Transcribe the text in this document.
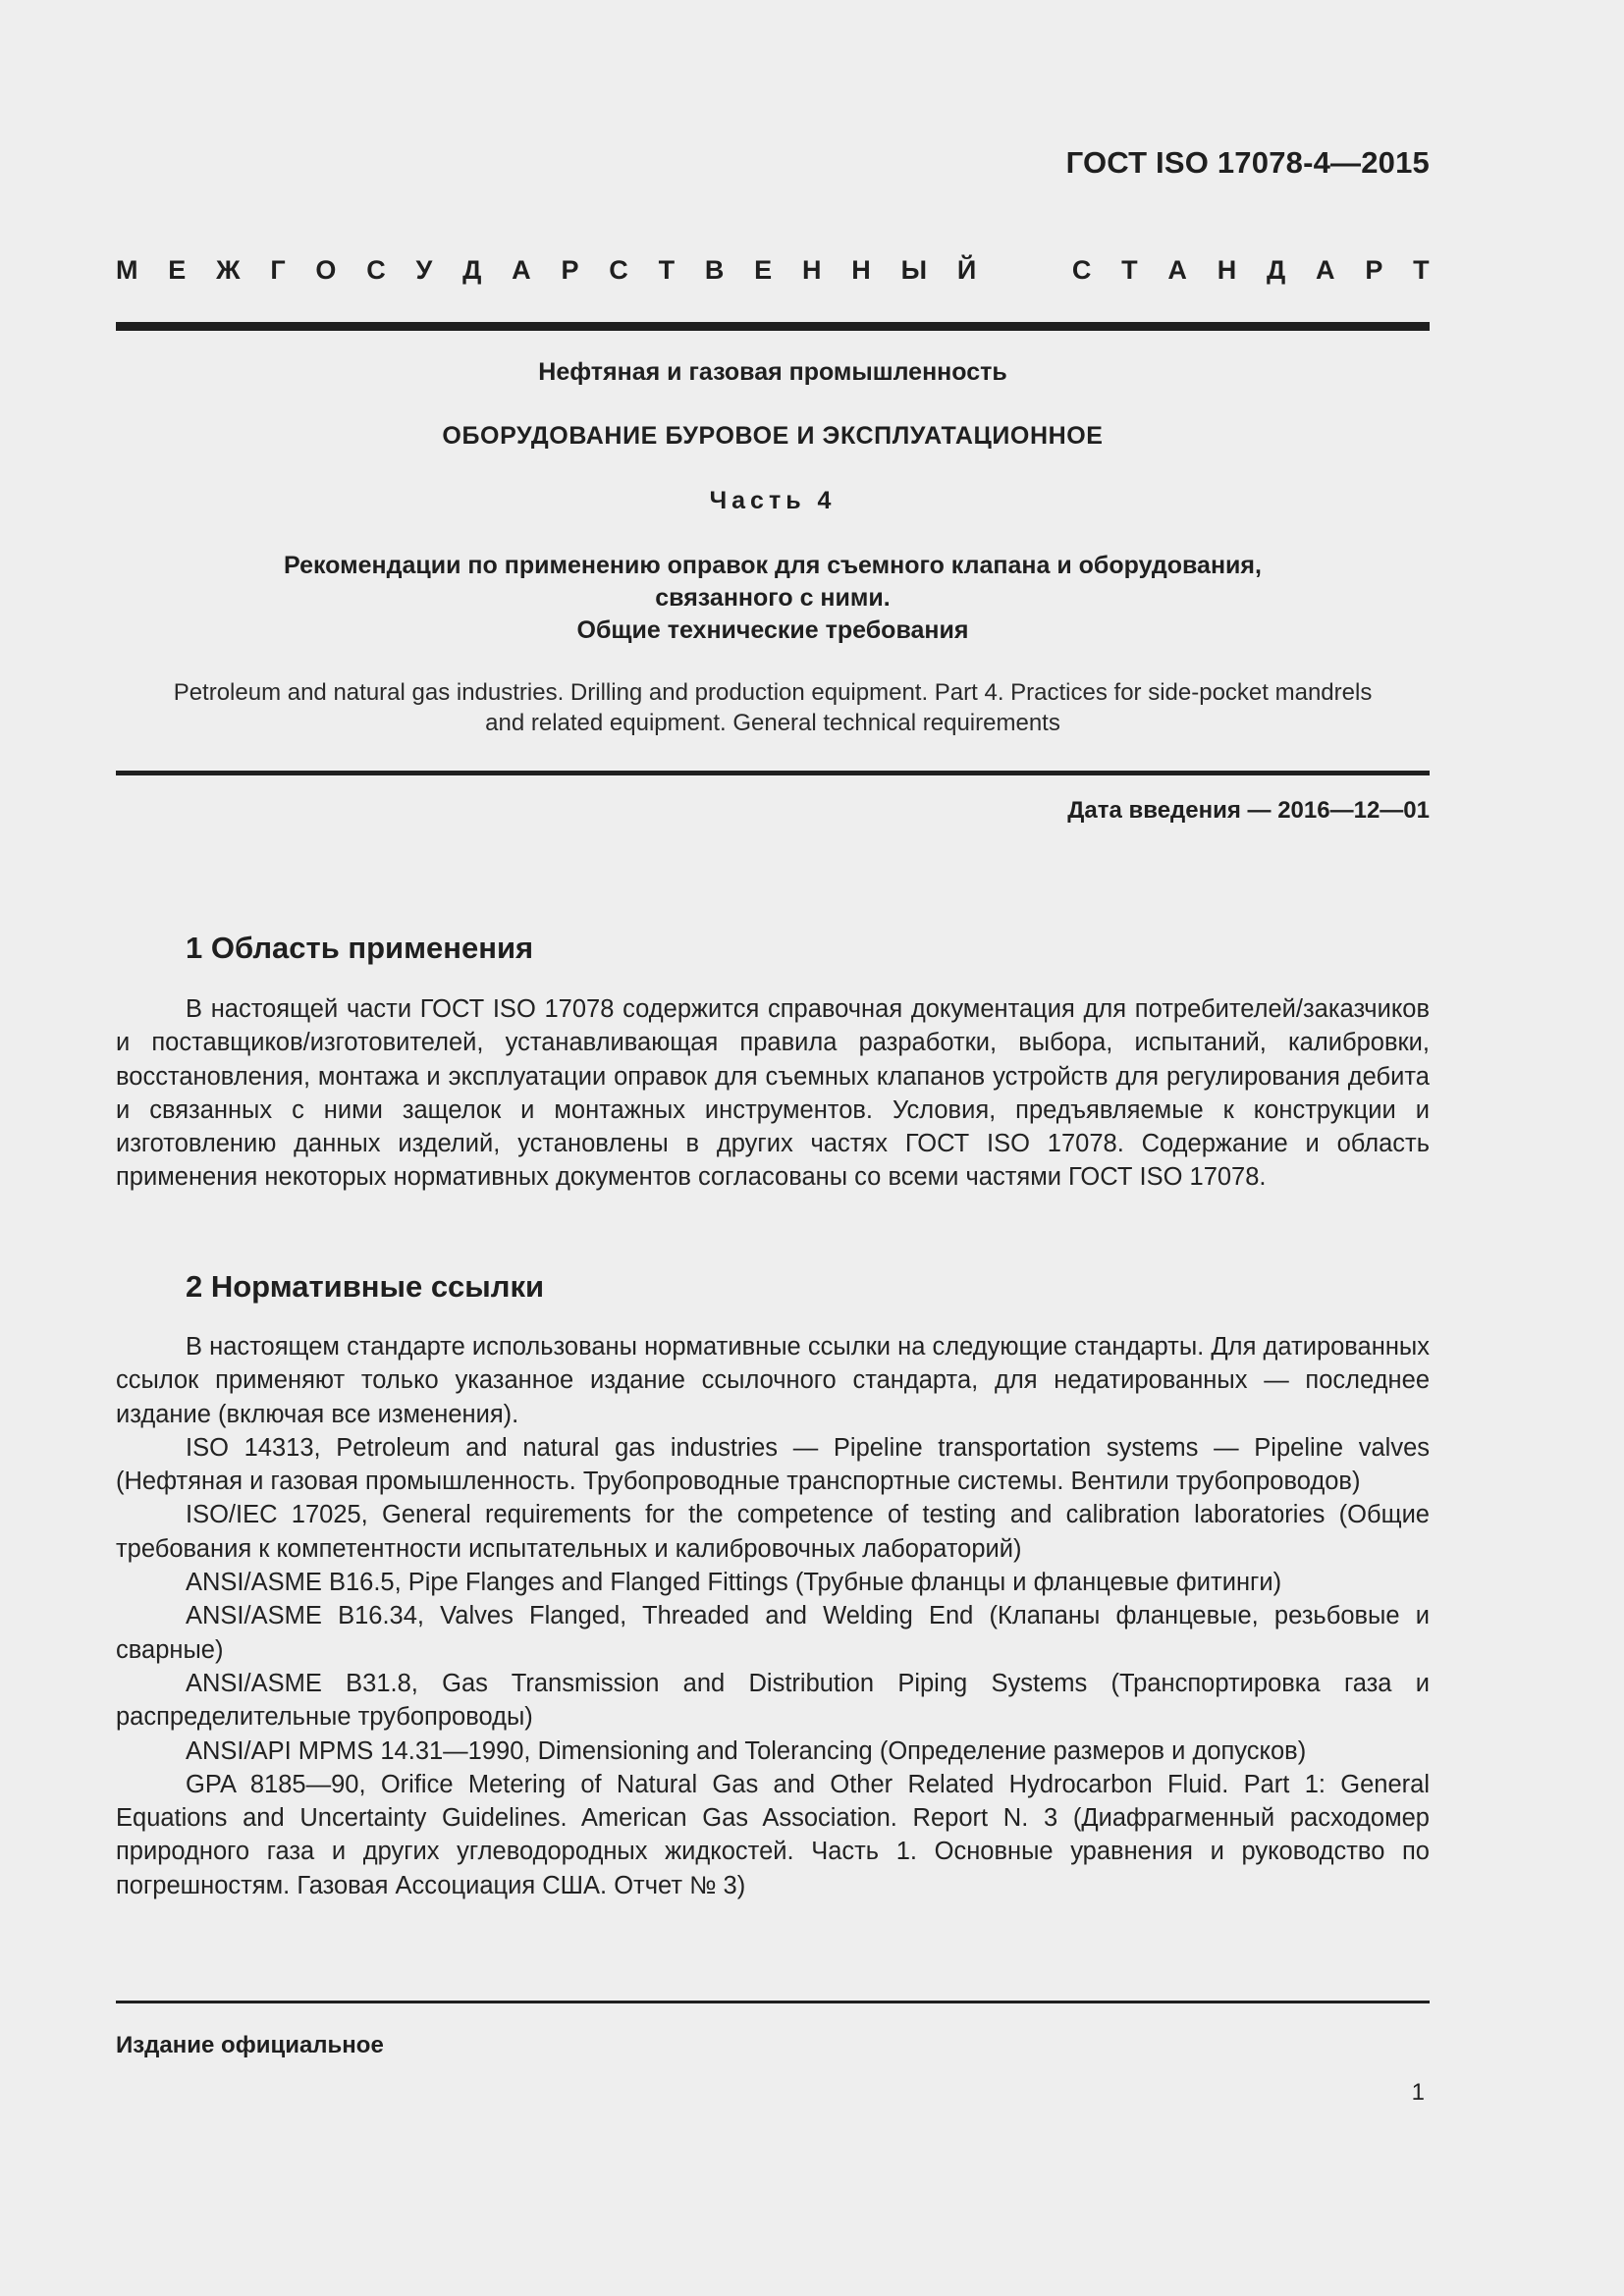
ГОСТ ISO 17078-4—2015
М Е Ж Г О С У Д А Р С Т В Е Н Н Ы Й	С Т А Н Д А Р Т
Нефтяная и газовая промышленность
ОБОРУДОВАНИЕ БУРОВОЕ И ЭКСПЛУАТАЦИОННОЕ
Часть 4
Рекомендации по применению оправок для съемного клапана и оборудования,
связанного с ними.
Общие технические требования
Petroleum and natural gas industries. Drilling and production equipment. Part 4. Practices for side-pocket mandrels
and related equipment. General technical requirements
Дата введения — 2016—12—01
1 Область применения

В настоящей части ГОСТ ISO 17078 содержится справочная документация для потребителей/заказчиков и поставщиков/изготовителей, устанавливающая правила разработки, выбора, испытаний, калибровки, восстановления, монтажа и эксплуатации оправок для съемных клапанов устройств для регулирования дебита и связанных с ними защелок и монтажных инструментов. Условия, предъявляемые к конструкции и изготовлению данных изделий, установлены в других частях ГОСТ ISO 17078. Содержание и область применения некоторых нормативных документов согласованы со всеми частями ГОСТ ISO 17078.

2 Нормативные ссылки

В настоящем стандарте использованы нормативные ссылки на следующие стандарты. Для датированных ссылок применяют только указанное издание ссылочного стандарта, для недатированных — последнее издание (включая все изменения).

ISO 14313, Petroleum and natural gas industries — Pipeline transportation systems — Pipeline valves (Нефтяная и газовая промышленность. Трубопроводные транспортные системы. Вентили трубопроводов)

ISO/IEC 17025, General requirements for the competence of testing and calibration laboratories (Общие требования к компетентности испытательных и калибровочных лабораторий)

ANSI/ASME B16.5, Pipe Flanges and Flanged Fittings (Трубные фланцы и фланцевые фитинги)

ANSI/ASME B16.34, Valves Flanged, Threaded and Welding End (Клапаны фланцевые, резьбовые и сварные)

ANSI/ASME B31.8, Gas Transmission and Distribution Piping Systems (Транспортировка газа и распределительные трубопроводы)

ANSI/API MPMS 14.31—1990, Dimensioning and Tolerancing (Определение размеров и допусков)

GPA 8185—90, Orifice Metering of Natural Gas and Other Related Hydrocarbon Fluid. Part 1: General Equations and Uncertainty Guidelines. American Gas Association. Report N. 3 (Диафрагменный расходомер природного газа и других углеводородных жидкостей. Часть 1. Основные уравнения и руководство по погрешностям. Газовая Ассоциация США. Отчет № 3)

Издание официальное
1
